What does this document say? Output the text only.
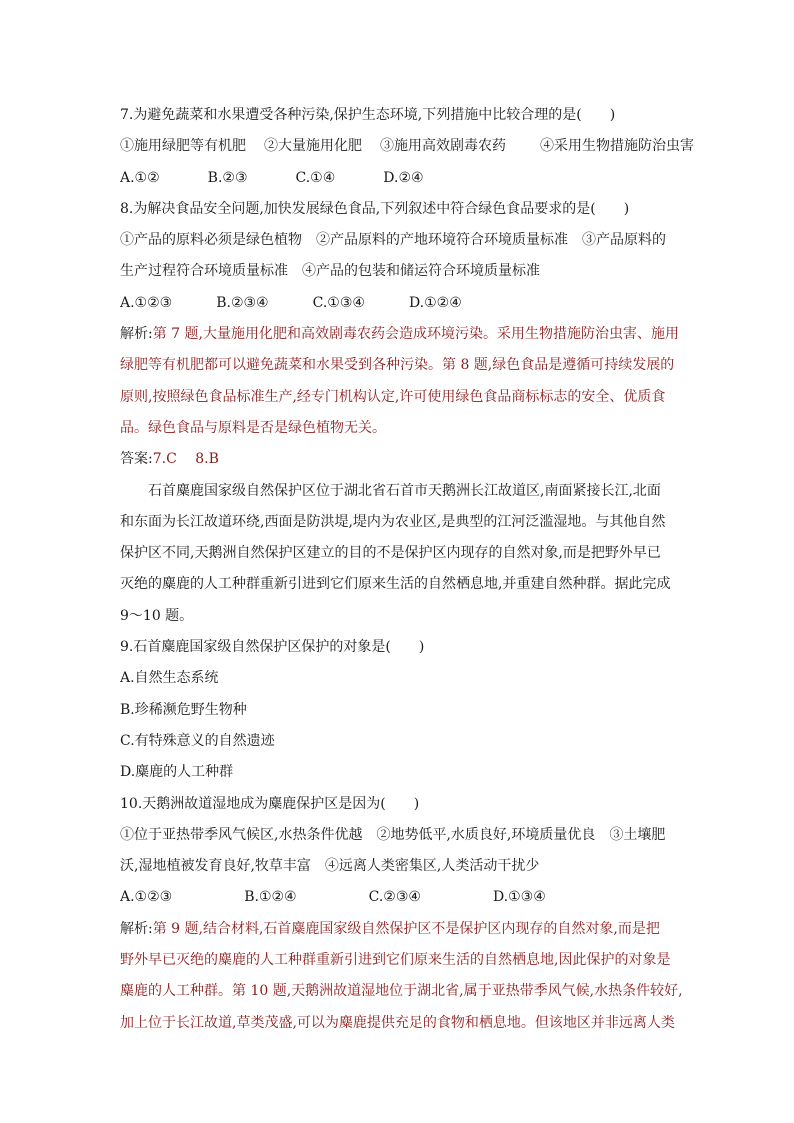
7.为避免蔬菜和水果遭受各种污染,保护生态环境,下列措施中比较合理的是(　　)
①施用绿肥等有机肥 ②大量施用化肥 ③施用高效剧毒农药 ④采用生物措施防治虫害
A.①②	B.②③	C.①④	D.②④
8.为解决食品安全问题,加快发展绿色食品,下列叙述中符合绿色食品要求的是(　　)
①产品的原料必须是绿色植物　②产品原料的产地环境符合环境质量标准　③产品原料的
生产过程符合环境质量标准　④产品的包装和储运符合环境质量标准
A.①②③	B.②③④	C.①③④	D.①②④
解析:第 7 题,大量施用化肥和高效剧毒农药会造成环境污染。采用生物措施防治虫害、施用
绿肥等有机肥都可以避免蔬菜和水果受到各种污染。第 8 题,绿色食品是遵循可持续发展的
原则,按照绿色食品标准生产,经专门机构认定,许可使用绿色食品商标标志的安全、优质食
品。绿色食品与原料是否是绿色植物无关。
答案:7.C　 8.B
石首麋鹿国家级自然保护区位于湖北省石首市天鹅洲长江故道区,南面紧接长江,北面
和东面为长江故道环绕,西面是防洪堤,堤内为农业区,是典型的江河泛滥湿地。与其他自然
保护区不同,天鹅洲自然保护区建立的目的不是保护区内现存的自然对象,而是把野外早已
灭绝的麋鹿的人工种群重新引进到它们原来生活的自然栖息地,并重建自然种群。据此完成
9～10 题。
9.石首麋鹿国家级自然保护区保护的对象是(　　)
A.自然生态系统
B.珍稀濒危野生物种
C.有特殊意义的自然遗迹
D.麋鹿的人工种群
10.天鹅洲故道湿地成为麋鹿保护区是因为(　　)
①位于亚热带季风气候区,水热条件优越　②地势低平,水质良好,环境质量优良　③土壤肥
沃,湿地植被发育良好,牧草丰富　④远离人类密集区,人类活动干扰少
A.①②③	B.①②④	C.②③④	D.①③④
解析:第 9 题,结合材料,石首麋鹿国家级自然保护区不是保护区内现存的自然对象,而是把
野外早已灭绝的麋鹿的人工种群重新引进到它们原来生活的自然栖息地,因此保护的对象是
麋鹿的人工种群。第 10 题,天鹅洲故道湿地位于湖北省,属于亚热带季风气候,水热条件较好,
加上位于长江故道,草类茂盛,可以为麋鹿提供充足的食物和栖息地。但该地区并非远离人类
